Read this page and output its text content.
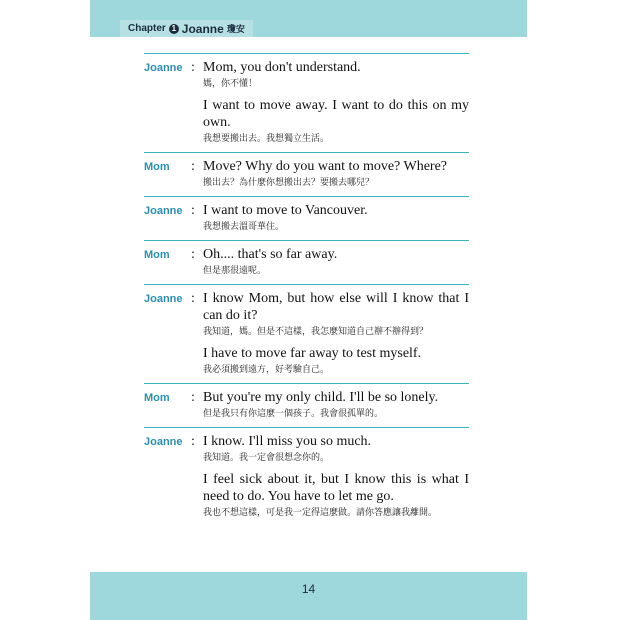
Chapter 1 Joanne 瓊安
Joanne : Mom, you don't understand.
媽，你不懂！
I want to move away. I want to do this on my own.
我想要搬出去。我想獨立生活。
Mom	: Move? Why do you want to move? Where?
搬出去？為什麼你想搬出去？要搬去哪兒？
Joanne : I want to move to Vancouver.
我想搬去溫哥華住。
Mom	: Oh.... that's so far away.
但是那很遠呢。
Joanne : I know Mom, but how else will I know that I can do it?
我知道，媽。但是不這樣，我怎麼知道自己辦不辦得到？
I have to move far away to test myself.
我必須搬到遠方，好考驗自己。
Mom	: But you're my only child. I'll be so lonely.
但是我只有你這麼一個孩子。我會很孤單的。
Joanne : I know. I'll miss you so much.
我知道。我一定會很想念你的。
I feel sick about it, but I know this is what I need to do. You have to let me go.
我也不想這樣，可是我一定得這麼做。請你答應讓我離開。
14
